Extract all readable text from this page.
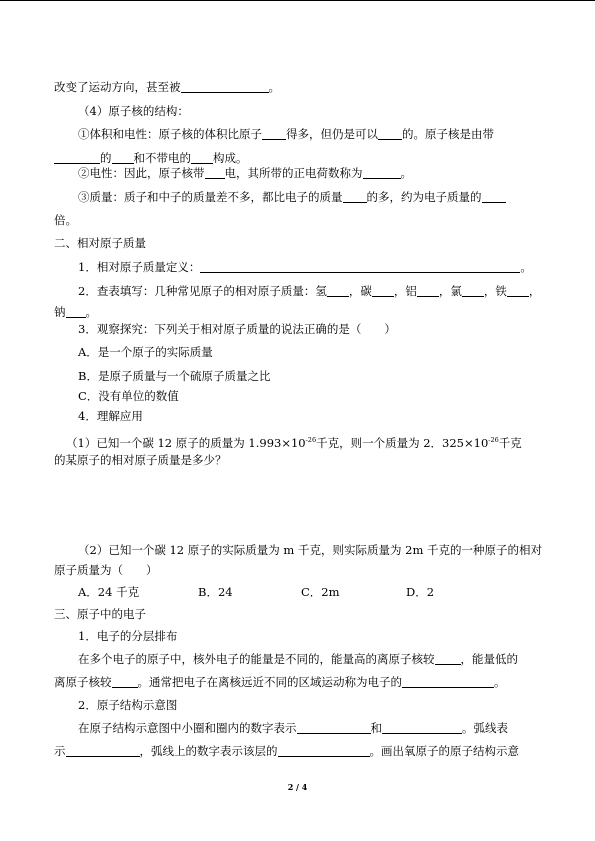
改变了运动方向，甚至被	。
（4）原子核的结构：
①体积和电性：原子核的体积比原子 得多，但仍是可以 的。原子核是由带
的 和不带电的 构成。
②电性：因此，原子核带 电，其所带的正电荷数称为	。
③质量：质子和中子的质量差不多，都比电子的质量 的多，约为电子质量的
倍。
二、相对原子质量
1．相对原子质量定义：	。
2．查表填写：几种常见原子的相对原子质量：氢 ，碳 ，铝 ，氯 ，铁 ，
钠 。
3．观察探究：下列关于相对原子质量的说法正确的是（　　）
A．是一个原子的实际质量
B．是原子质量与一个硫原子质量之比
C．没有单位的数值
4．理解应用
（1）已知一个碳 12 原子的质量为 1.993×10-26千克，则一个质量为 2．325×10-26千克
的某原子的相对原子质量是多少？
（2）已知一个碳 12 原子的实际质量为 m 千克，则实际质量为 2m 千克的一种原子的相对
原子质量为（　　）
A．24 千克	B．24	C．2m	D．2
三、原子中的电子
1．电子的分层排布
在多个电子的原子中，核外电子的能量是不同的，能量高的离原子核较 ，能量低的
离原子核较 。通常把电子在离核远近不同的区域运动称为电子的	。
2．原子结构示意图
在原子结构示意图中小圈和圈内的数字表示	和	。弧线表
示	，弧线上的数字表示该层的	。画出氧原子的原子结构示意
2 / 4
